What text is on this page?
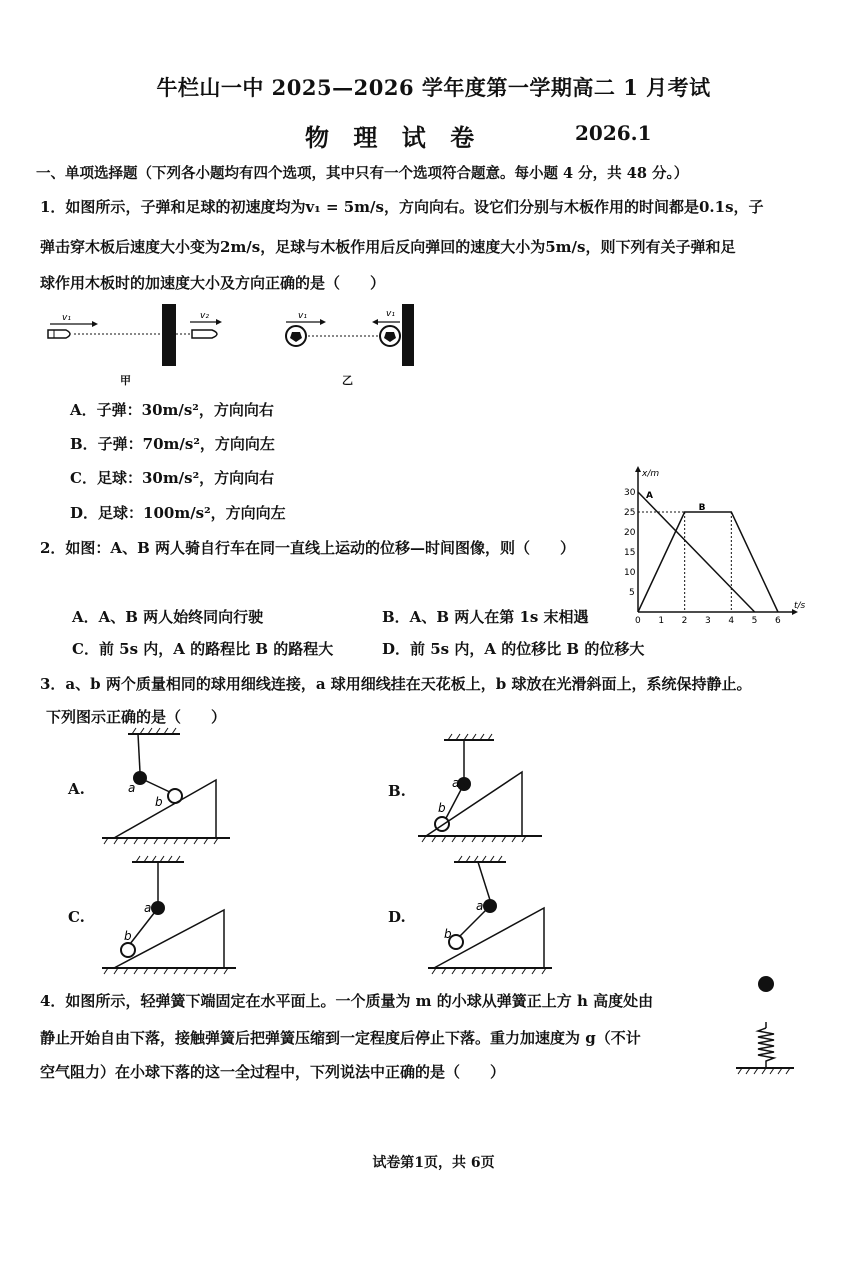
牛栏山一中 2025—2026 学年度第一学期高二 1 月考试
物 理 试 卷	2026.1
一、单项选择题（下列各小题均有四个选项，其中只有一个选项符合题意。每小题 4 分，共 48 分。）
1．如图所示，子弹和足球的初速度均为v₁ = 5m/s，方向向右。设它们分别与木板作用的时间都是0.1s，子
弹击穿木板后速度大小变为2m/s，足球与木板作用后反向弹回的速度大小为5m/s，则下列有关子弹和足
球作用木板时的加速度大小及方向正确的是（　　）
v₁	v₂	v₁	v₁
甲	乙
A．子弹：30m/s²，方向向右
B．子弹：70m/s²，方向向左
C．足球：30m/s²，方向向右
D．足球：100m/s²，方向向左
2．如图：A、B 两人骑自行车在同一直线上运动的位移—时间图像，则（　　）
t/s
x/m
0 1 2 3 4 5 6
5
10
15
20
25
30 A
B
A．A、B 两人始终同向行驶	B．A、B 两人在第 1s 末相遇
C．前 5s 内，A 的路程比 B 的路程大	D．前 5s 内，A 的位移比 B 的位移大
3．a、b 两个质量相同的球用细线连接，a 球用细线挂在天花板上，b 球放在光滑斜面上，系统保持静止。
下列图示正确的是（　　）
A.	a
b
B.	a
b
C.	a
b
D.
a
b
4．如图所示，轻弹簧下端固定在水平面上。一个质量为 m 的小球从弹簧正上方 h 高度处由
静止开始自由下落，接触弹簧后把弹簧压缩到一定程度后停止下落。重力加速度为 g（不计
空气阻力）在小球下落的这一全过程中，下列说法中正确的是（　　）
试卷第1页，共 6页
